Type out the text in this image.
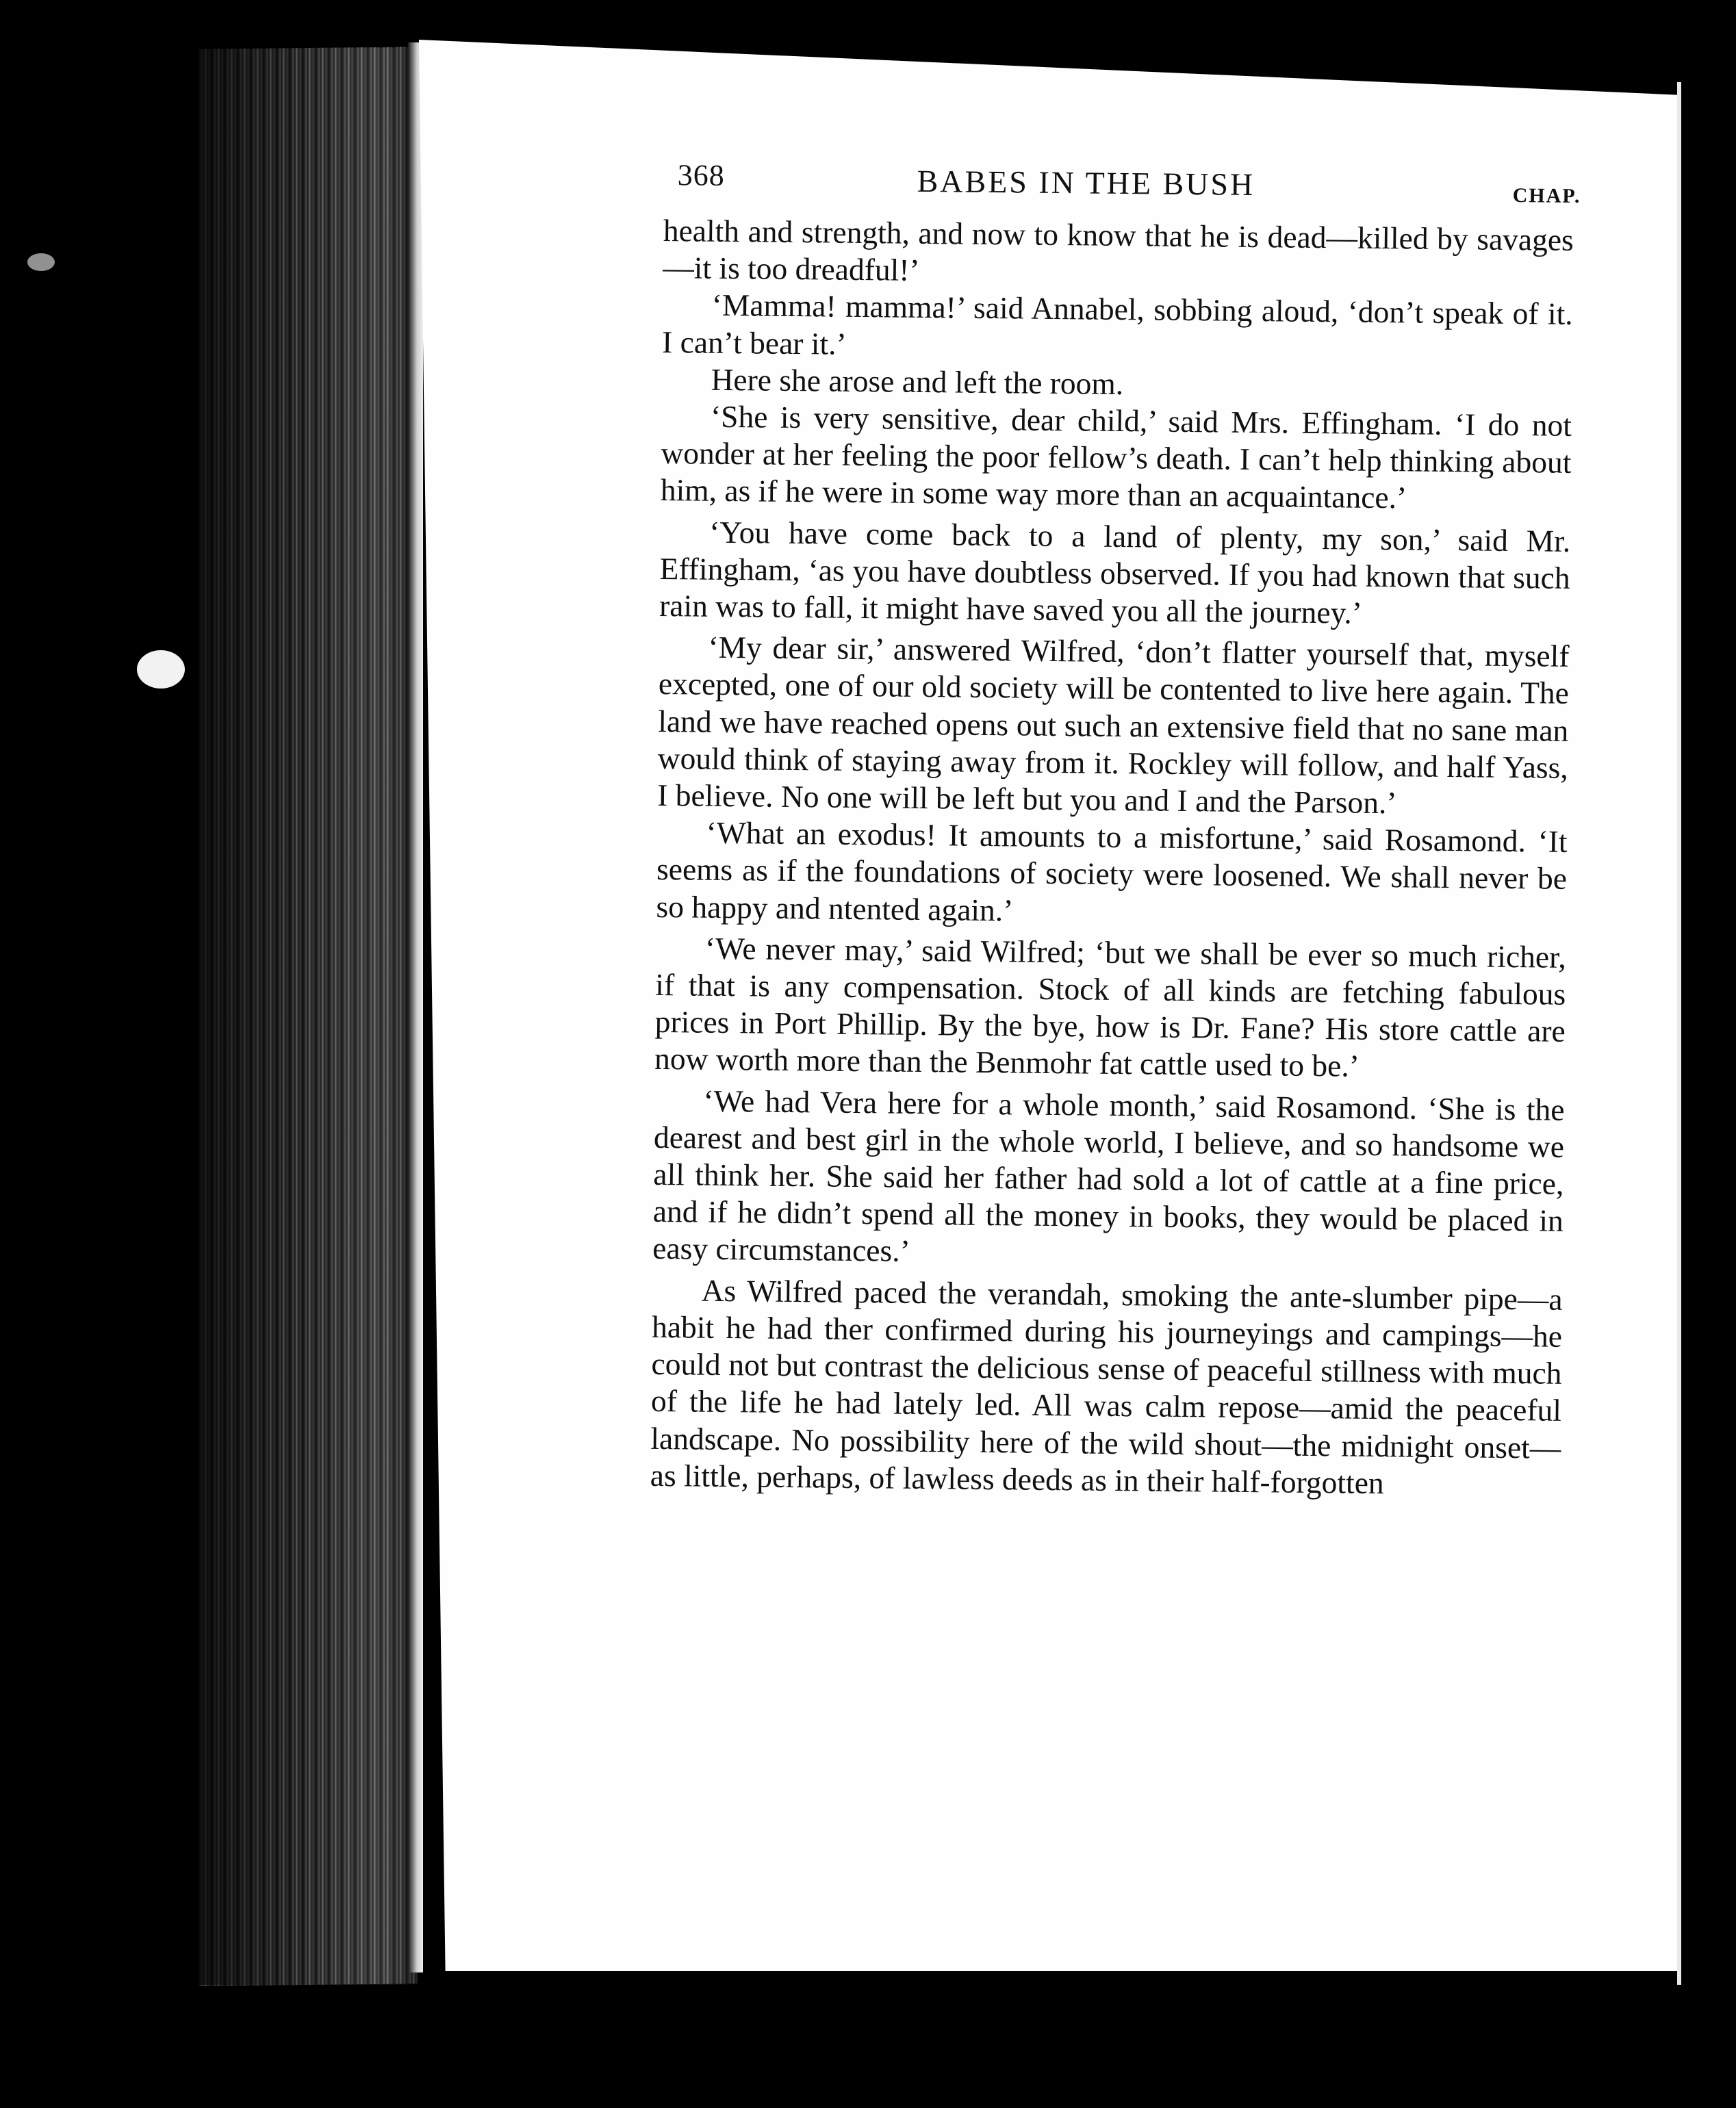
368	BABES IN THE BUSH	CHAP.

health and strength, and now to know that he is dead—killed by savages—it is too dreadful!’

‘Mamma! mamma!’ said Annabel, sobbing aloud, ‘don’t speak of it. I can’t bear it.’

Here she arose and left the room.

‘She is very sensitive, dear child,’ said Mrs. Effingham. ‘I do not wonder at her feeling the poor fellow’s death. I can’t help thinking about him, as if he were in some way more than an acquaintance.’

‘You have come back to a land of plenty, my son,’ said Mr. Effingham, ‘as you have doubtless observed. If you had known that such rain was to fall, it might have saved you all the journey.’

‘My dear sir,’ answered Wilfred, ‘don’t flatter yourself that, myself excepted, one of our old society will be contented to live here again. The land we have reached opens out such an extensive field that no sane man would think of staying away from it. Rockley will follow, and half Yass, I believe. No one will be left but you and I and the Parson.’

‘What an exodus! It amounts to a misfortune,’ said Rosamond. ‘It seems as if the foundations of society were loosened. We shall never be so happy and ntented again.’

‘We never may,’ said Wilfred; ‘but we shall be ever so much richer, if that is any compensation. Stock of all kinds are fetching fabulous prices in Port Phillip. By the bye, how is Dr. Fane? His store cattle are now worth more than the Benmohr fat cattle used to be.’

‘We had Vera here for a whole month,’ said Rosamond. ‘She is the dearest and best girl in the whole world, I believe, and so handsome we all think her. She said her father had sold a lot of cattle at a fine price, and if he didn’t spend all the money in books, they would be placed in easy circumstances.’

As Wilfred paced the verandah, smoking the ante-slumber pipe—a habit he had ther confirmed during his journeyings and campings—he could not but contrast the delicious sense of peaceful stillness with much of the life he had lately led. All was calm repose—amid the peaceful landscape. No possibility here of the wild shout—the midnight onset—as little, perhaps, of lawless deeds as in their half-forgotten
